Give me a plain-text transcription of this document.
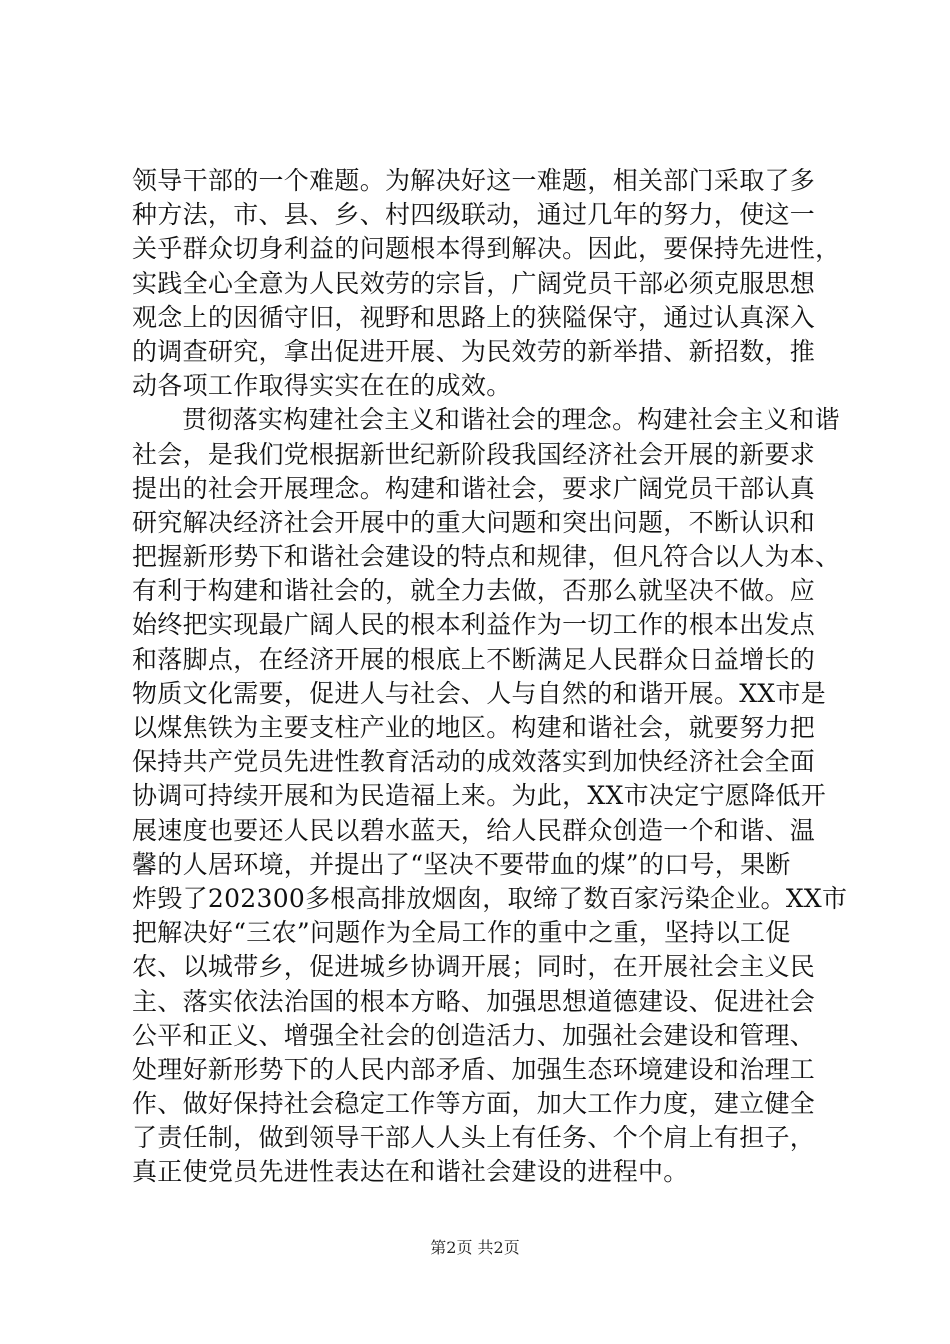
领导干部的一个难题。为解决好这一难题，相关部门采取了多
种方法，市、县、乡、村四级联动，通过几年的努力，使这一
关乎群众切身利益的问题根本得到解决。因此，要保持先进性，
实践全心全意为人民效劳的宗旨，广阔党员干部必须克服思想
观念上的因循守旧，视野和思路上的狭隘保守，通过认真深入
的调查研究，拿出促进开展、为民效劳的新举措、新招数，推
动各项工作取得实实在在的成效。
贯彻落实构建社会主义和谐社会的理念。构建社会主义和谐
社会，是我们党根据新世纪新阶段我国经济社会开展的新要求
提出的社会开展理念。构建和谐社会，要求广阔党员干部认真
研究解决经济社会开展中的重大问题和突出问题，不断认识和
把握新形势下和谐社会建设的特点和规律，但凡符合以人为本、
有利于构建和谐社会的，就全力去做，否那么就坚决不做。应
始终把实现最广阔人民的根本利益作为一切工作的根本出发点
和落脚点，在经济开展的根底上不断满足人民群众日益增长的
物质文化需要，促进人与社会、人与自然的和谐开展。XX市是
以煤焦铁为主要支柱产业的地区。构建和谐社会，就要努力把
保持共产党员先进性教育活动的成效落实到加快经济社会全面
协调可持续开展和为民造福上来。为此，XX市决定宁愿降低开
展速度也要还人民以碧水蓝天，给人民群众创造一个和谐、温
馨的人居环境，并提出了“坚决不要带血的煤”的口号，果断
炸毁了202300多根高排放烟囱，取缔了数百家污染企业。XX市
把解决好“三农”问题作为全局工作的重中之重，坚持以工促
农、以城带乡，促进城乡协调开展；同时，在开展社会主义民
主、落实依法治国的根本方略、加强思想道德建设、促进社会
公平和正义、增强全社会的创造活力、加强社会建设和管理、
处理好新形势下的人民内部矛盾、加强生态环境建设和治理工
作、做好保持社会稳定工作等方面，加大工作力度，建立健全
了责任制，做到领导干部人人头上有任务、个个肩上有担子，
真正使党员先进性表达在和谐社会建设的进程中。
第2页 共2页
